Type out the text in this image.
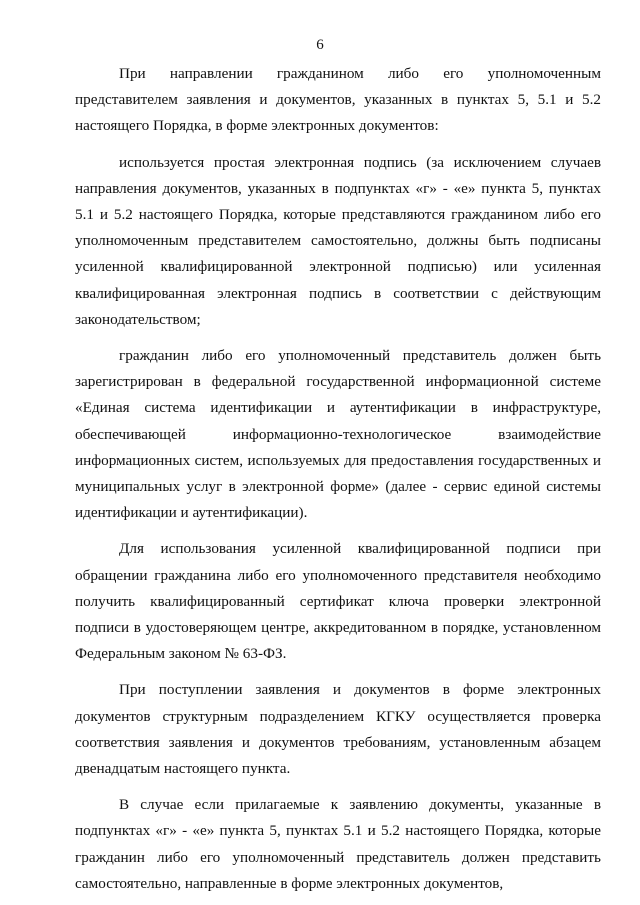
6

При направлении гражданином либо его уполномоченным представителем заявления и документов, указанных в пунктах 5, 5.1 и 5.2 настоящего Порядка, в форме электронных документов:

используется простая электронная подпись (за исключением случаев направления документов, указанных в подпунктах «г» - «е» пункта 5, пунктах 5.1 и 5.2 настоящего Порядка, которые представляются гражданином либо его уполномоченным представителем самостоятельно, должны быть подписаны усиленной квалифицированной электронной подписью) или усиленная квалифицированная электронная подпись в соответствии с действующим законодательством;

гражданин либо его уполномоченный представитель должен быть зарегистрирован в федеральной государственной информационной системе «Единая система идентификации и аутентификации в инфраструктуре, обеспечивающей информационно-технологическое взаимодействие информационных систем, используемых для предоставления государственных и муниципальных услуг в электронной форме» (далее - сервис единой системы идентификации и аутентификации).

Для использования усиленной квалифицированной подписи при обращении гражданина либо его уполномоченного представителя необходимо получить квалифицированный сертификат ключа проверки электронной подписи в удостоверяющем центре, аккредитованном в порядке, установленном Федеральным законом № 63-ФЗ.

При поступлении заявления и документов в форме электронных документов структурным подразделением КГКУ осуществляется проверка соответствия заявления и документов требованиям, установленным абзацем двенадцатым настоящего пункта.

В случае если прилагаемые к заявлению документы, указанные в подпунктах «г» - «е» пункта 5, пунктах 5.1 и 5.2 настоящего Порядка, которые гражданин либо его уполномоченный представитель должен представить самостоятельно, направленные в форме электронных документов,
